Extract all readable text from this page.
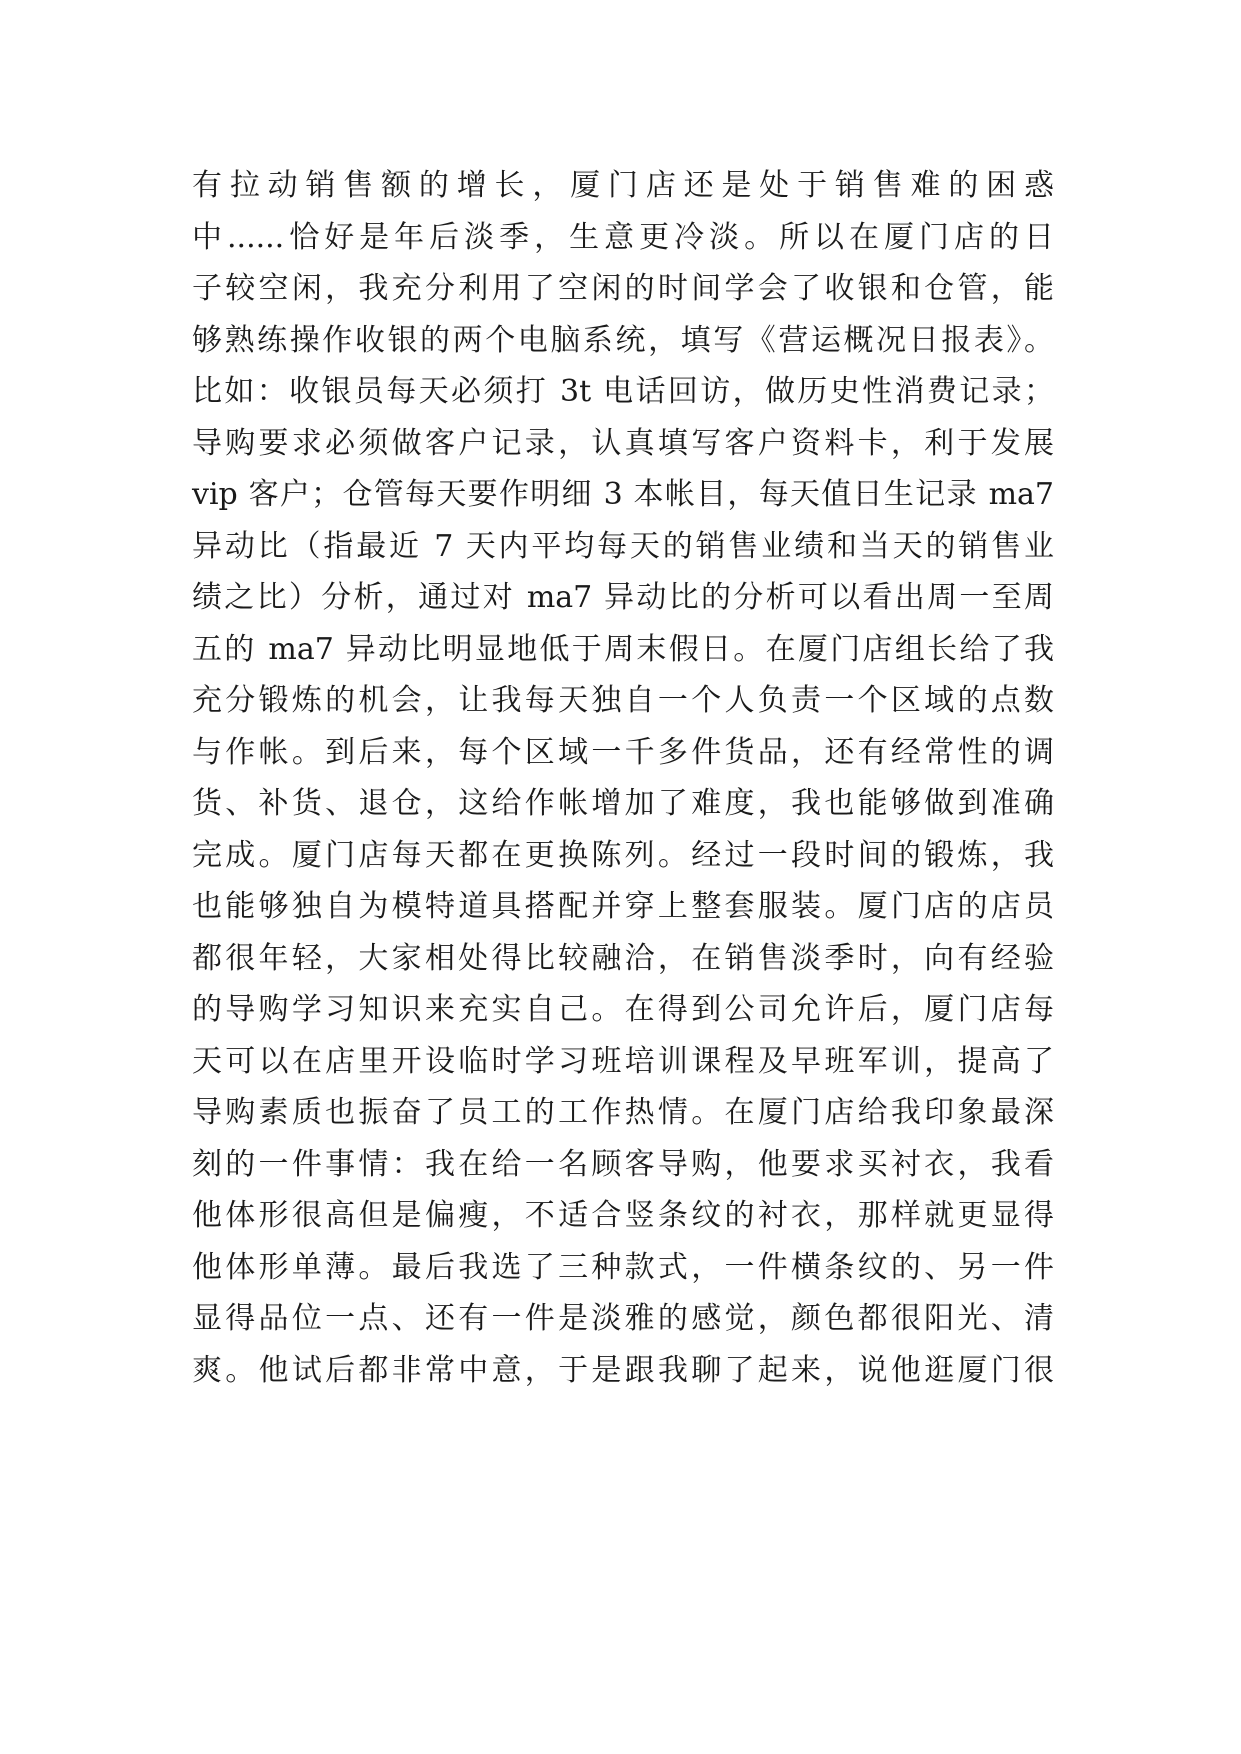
有拉动销售额的增长，厦门店还是处于销售难的困惑
中......恰好是年后淡季，生意更冷淡。所以在厦门店的日
子较空闲，我充分利用了空闲的时间学会了收银和仓管，能
够熟练操作收银的两个电脑系统，填写《营运概况日报表》。
比如：收银员每天必须打 3t 电话回访，做历史性消费记录；
导购要求必须做客户记录，认真填写客户资料卡，利于发展
vip 客户；仓管每天要作明细 3 本帐目，每天值日生记录 ma7
异动比（指最近 7 天内平均每天的销售业绩和当天的销售业
绩之比）分析，通过对 ma7 异动比的分析可以看出周一至周
五的 ma7 异动比明显地低于周末假日。在厦门店组长给了我
充分锻炼的机会，让我每天独自一个人负责一个区域的点数
与作帐。到后来，每个区域一千多件货品，还有经常性的调
货、补货、退仓，这给作帐增加了难度，我也能够做到准确
完成。厦门店每天都在更换陈列。经过一段时间的锻炼，我
也能够独自为模特道具搭配并穿上整套服装。厦门店的店员
都很年轻，大家相处得比较融洽，在销售淡季时，向有经验
的导购学习知识来充实自己。在得到公司允许后，厦门店每
天可以在店里开设临时学习班培训课程及早班军训，提高了
导购素质也振奋了员工的工作热情。在厦门店给我印象最深
刻的一件事情：我在给一名顾客导购，他要求买衬衣，我看
他体形很高但是偏瘦，不适合竖条纹的衬衣，那样就更显得
他体形单薄。最后我选了三种款式，一件横条纹的、另一件
显得品位一点、还有一件是淡雅的感觉，颜色都很阳光、清
爽。他试后都非常中意，于是跟我聊了起来，说他逛厦门很
